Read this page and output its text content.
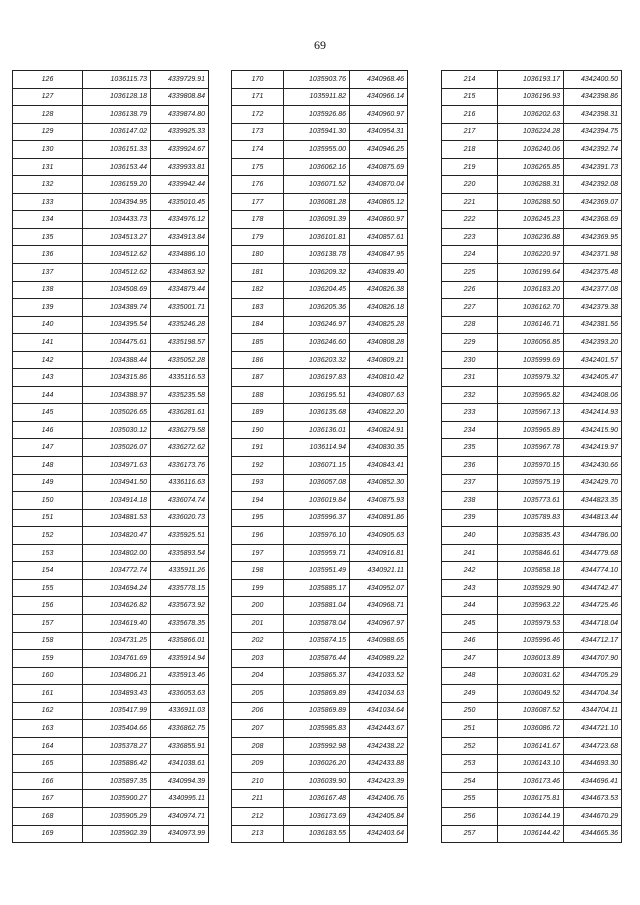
69
126	1036115.73	4339729.91
127	1036128.18	4339808.84
128	1036138.79	4339874.80
129	1036147.02	4339925.33
130	1036151.33	4339924.67
131	1036153.44	4339933.81
132	1036159.20	4339942.44
133	1034394.95	4335010.45
134	1034433.73	4334976.12
135	1034513.27	4334913.84
136	1034512.62	4334886.10
137	1034512.62	4334863.92
138	1034508.69	4334879.44
139	1034389.74	4335001.71
140	1034395.54	4335246.28
141	1034475.61	4335198.57
142	1034388.44	4335052.28
143	1034315.86	4335116.53
144	1034388.97	4335235.58
145	1035026.65	4336281.61
146	1035030.12	4336279.58
147	1035026.07	4336272.62
148	1034971.63	4336173.76
149	1034941.50	4336116.63
150	1034914.18	4336074.74
151	1034881.53	4336020.73
152	1034820.47	4335925.51
153	1034802.00	4335893.54
154	1034772.74	4335911.26
155	1034694.24	4335778.15
156	1034626.82	4335673.92
157	1034619.40	4335678.35
158	1034731.25	4335866.01
159	1034761.69	4335914.94
160	1034806.21	4335913.46
161	1034893.43	4336053.63
162	1035417.99	4336911.03
163	1035404.66	4336862.75
164	1035378.27	4336855.91
165	1035886.42	4341038.61
166	1035897.35	4340994.39
167	1035900.27	4340995.11
168	1035905.29	4340974.71
169	1035902.39	4340973.99
170	1035903.76	4340968.46
171	1035911.82	4340966.14
172	1035926.86	4340960.97
173	1035941.30	4340954.31
174	1035955.00	4340946.25
175	1036062.16	4340875.69
176	1036071.52	4340870.04
177	1036081.28	4340865.12
178	1036091.39	4340860.97
179	1036101.81	4340857.61
180	1036138.78	4340847.95
181	1036209.32	4340839.40
182	1036204.45	4340826.38
183	1036205.36	4340826.18
184	1036246.97	4340825.28
185	1036246.60	4340808.28
186	1036203.32	4340809.21
187	1036197.83	4340810.42
188	1036195.51	4340807.63
189	1036135.68	4340822.20
190	1036136.01	4340824.91
191	1036114.94	4340830.35
192	1036071.15	4340843.41
193	1036057.08	4340852.30
194	1036019.84	4340875.93
195	1035996.37	4340891.86
196	1035976.10	4340905.63
197	1035959.71	4340916.81
198	1035951.49	4340921.11
199	1035885.17	4340952.07
200	1035881.04	4340968.71
201	1035878.04	4340967.97
202	1035874.15	4340988.65
203	1035876.44	4340989.22
204	1035865.37	4341033.52
205	1035869.89	4341034.63
206	1035869.89	4341034.64
207	1035985.83	4342443.67
208	1035992.98	4342438.22
209	1036026.20	4342433.88
210	1036039.90	4342423.39
211	1036167.48	4342406.76
212	1036173.69	4342405.84
213	1036183.55	4342403.64
214	1036193.17	4342400.50
215	1036196.93	4342398.86
216	1036202.63	4342398.31
217	1036224.28	4342394.75
218	1036240.06	4342392.74
219	1036265.85	4342391.73
220	1036288.31	4342392.08
221	1036288.50	4342369.07
222	1036245.23	4342368.69
223	1036236.88	4342369.95
224	1036220.97	4342371.98
225	1036199.64	4342375.48
226	1036183.20	4342377.08
227	1036162.70	4342379.38
228	1036146.71	4342381.56
229	1036056.85	4342393.20
230	1035999.69	4342401.57
231	1035979.32	4342405.47
232	1035965.82	4342408.06
233	1035967.13	4342414.93
234	1035965.89	4342415.90
235	1035967.78	4342419.97
236	1035970.15	4342430.66
237	1035975.19	4342429.70
238	1035773.61	4344823.35
239	1035789.83	4344813.44
240	1035835.43	4344786.00
241	1035846.61	4344779.68
242	1035858.18	4344774.10
243	1035929.90	4344742.47
244	1035963.22	4344725.46
245	1035979.53	4344718.04
246	1035996.46	4344712.17
247	1036013.89	4344707.90
248	1036031.62	4344705.29
249	1036049.52	4344704.34
250	1036087.52	4344704.11
251	1036086.72	4344721.10
252	1036141.67	4344723.68
253	1036143.10	4344693.30
254	1036173.46	4344696.41
255	1036175.81	4344673.53
256	1036144.19	4344670.29
257	1036144.42	4344665.36
